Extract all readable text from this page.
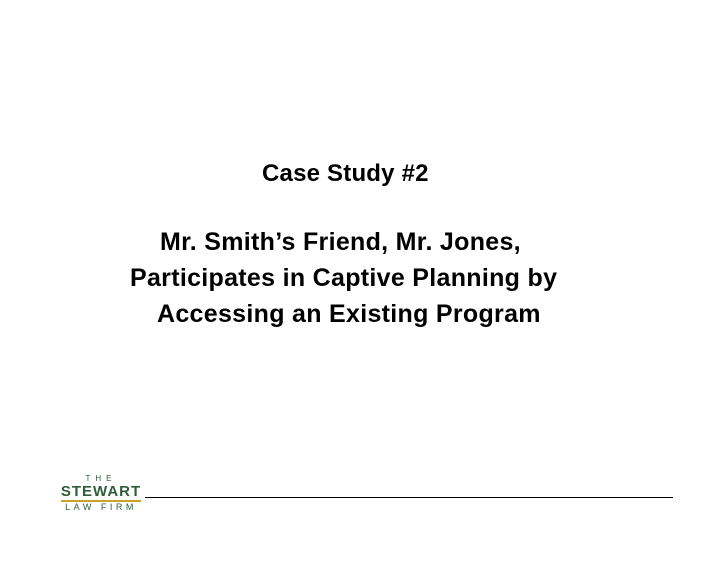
Case Study #2
Mr. Smith’s Friend, Mr. Jones,
Participates in Captive Planning by
Accessing an Existing Program
THE
STEWART
LAW FIRM
